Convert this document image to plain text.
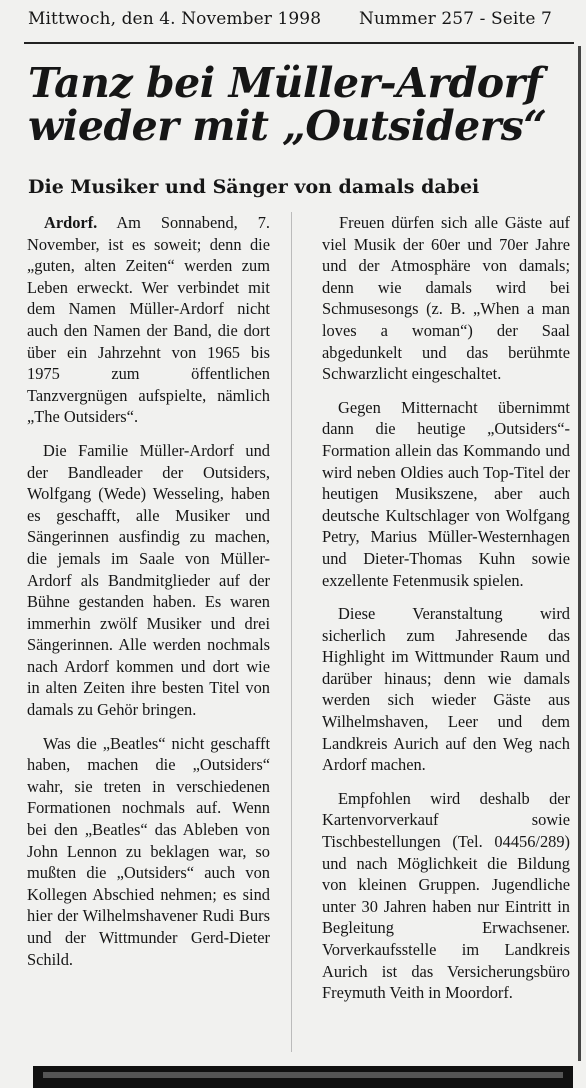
Mittwoch, den 4. November 1998 Nummer 257 - Seite 7
Tanz bei Müller-Ardorf
wieder mit „Outsiders“
Die Musiker und Sänger von damals dabei

Ardorf. Am Sonnabend, 7. November, ist es soweit; denn die „guten, alten Zeiten“ werden zum Leben erweckt. Wer verbindet mit dem Namen Müller-Ardorf nicht auch den Namen der Band, die dort über ein Jahrzehnt von 1965 bis 1975 zum öffentlichen Tanzvergnügen aufspielte, nämlich „The Outsiders“.

Die Familie Müller-Ardorf und der Bandleader der Outsiders, Wolfgang (Wede) Wesseling, haben es geschafft, alle Musiker und Sängerinnen ausfindig zu machen, die jemals im Saale von Müller-Ardorf als Bandmitglieder auf der Bühne gestanden haben. Es waren immerhin zwölf Musiker und drei Sängerinnen. Alle werden nochmals nach Ardorf kommen und dort wie in alten Zeiten ihre besten Titel von damals zu Gehör bringen.

Was die „Beatles“ nicht geschafft haben, machen die „Outsiders“ wahr, sie treten in verschiedenen Formationen nochmals auf. Wenn bei den „Beatles“ das Ableben von John Lennon zu beklagen war, so mußten die „Outsiders“ auch von Kollegen Abschied nehmen; es sind hier der Wilhelmshavener Rudi Burs und der Wittmunder Gerd-Dieter Schild.

Freuen dürfen sich alle Gäste auf viel Musik der 60er und 70er Jahre und der Atmosphäre von damals; denn wie damals wird bei Schmusesongs (z. B. „When a man loves a woman“) der Saal abgedunkelt und das berühmte Schwarzlicht eingeschaltet.

Gegen Mitternacht übernimmt dann die heutige „Outsiders“-Formation allein das Kommando und wird neben Oldies auch Top-Titel der heutigen Musikszene, aber auch deutsche Kultschlager von Wolfgang Petry, Marius Müller-Westernhagen und Dieter-Thomas Kuhn sowie exzellente Fetenmusik spielen.

Diese Veranstaltung wird sicherlich zum Jahresende das Highlight im Wittmunder Raum und darüber hinaus; denn wie damals werden sich wieder Gäste aus Wilhelmshaven, Leer und dem Landkreis Aurich auf den Weg nach Ardorf machen.

Empfohlen wird deshalb der Kartenvorverkauf sowie Tischbestellungen (Tel. 04456/289) und nach Möglichkeit die Bildung von kleinen Gruppen. Jugendliche unter 30 Jahren haben nur Eintritt in Begleitung Erwachsener. Vorverkaufsstelle im Landkreis Aurich ist das Versicherungsbüro Freymuth Veith in Moordorf.
